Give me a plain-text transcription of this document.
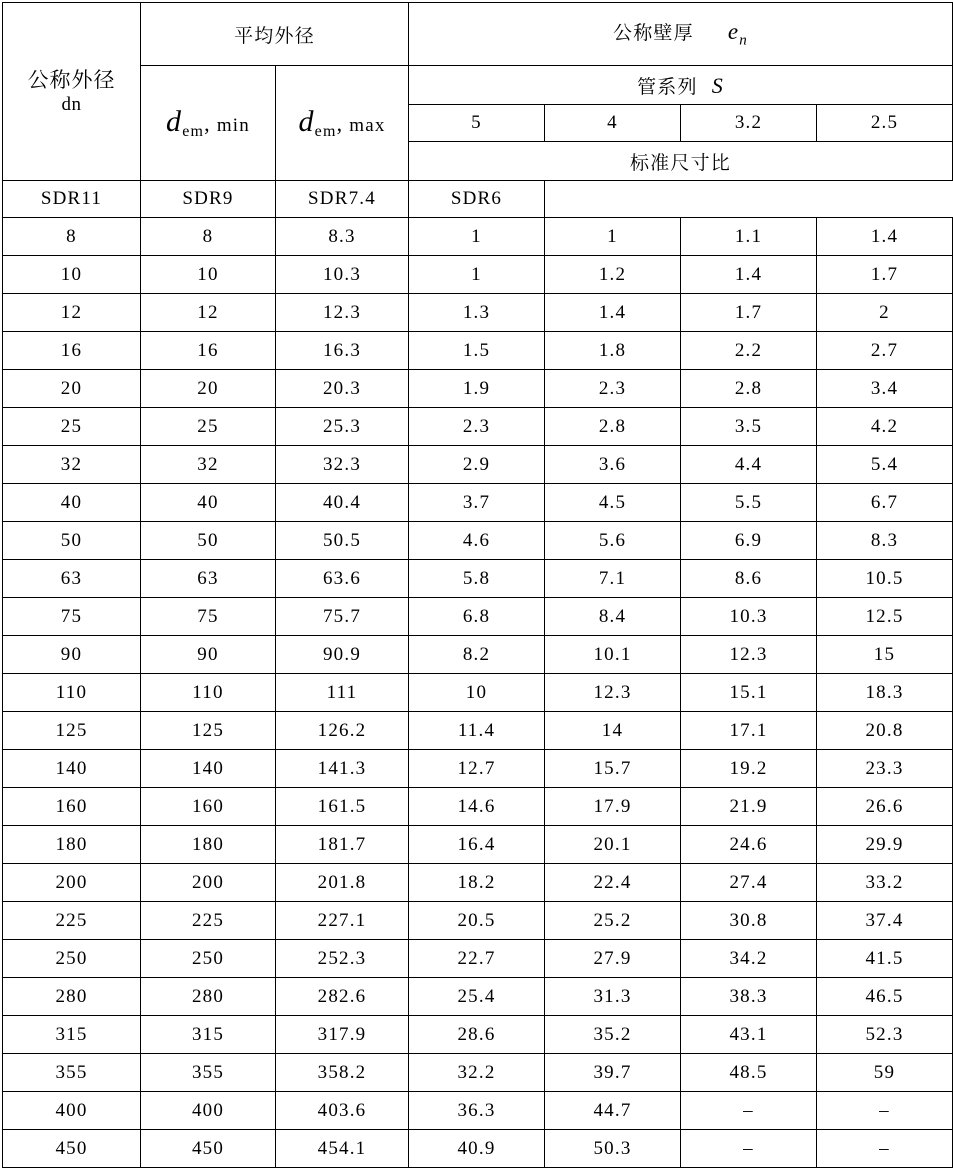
公称外径
dn	平均外径		公称壁厚 $e_n$
	$d_{em}$, min	$d_{em}$, max	管系列 S			
			5	4	3.2	2.5
			标准尺寸比			
SDR11	SDR9	SDR7.4	SDR6			
8	8	8.3	1	1	1.1	1.4
10	10	10.3	1	1.2	1.4	1.7
12	12	12.3	1.3	1.4	1.7	2
16	16	16.3	1.5	1.8	2.2	2.7
20	20	20.3	1.9	2.3	2.8	3.4
25	25	25.3	2.3	2.8	3.5	4.2
32	32	32.3	2.9	3.6	4.4	5.4
40	40	40.4	3.7	4.5	5.5	6.7
50	50	50.5	4.6	5.6	6.9	8.3
63	63	63.6	5.8	7.1	8.6	10.5
75	75	75.7	6.8	8.4	10.3	12.5
90	90	90.9	8.2	10.1	12.3	15
110	110	111	10	12.3	15.1	18.3
125	125	126.2	11.4	14	17.1	20.8
140	140	141.3	12.7	15.7	19.2	23.3
160	160	161.5	14.6	17.9	21.9	26.6
180	180	181.7	16.4	20.1	24.6	29.9
200	200	201.8	18.2	22.4	27.4	33.2
225	225	227.1	20.5	25.2	30.8	37.4
250	250	252.3	22.7	27.9	34.2	41.5
280	280	282.6	25.4	31.3	38.3	46.5
315	315	317.9	28.6	35.2	43.1	52.3
355	355	358.2	32.2	39.7	48.5	59
400	400	403.6	36.3	44.7	–	–
450	450	454.1	40.9	50.3	–	–
